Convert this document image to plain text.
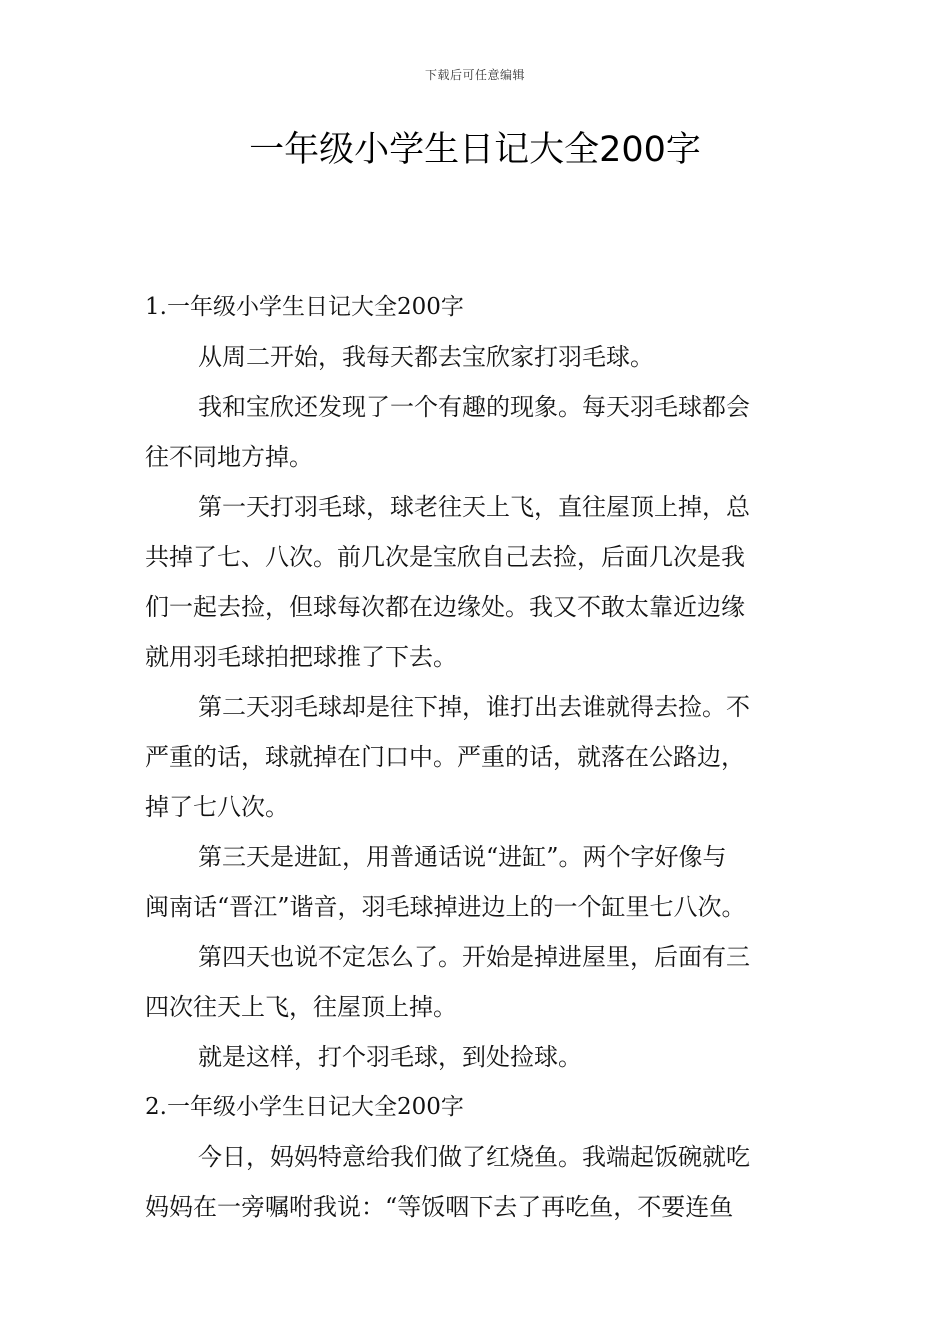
下载后可任意编辑
一年级小学生日记大全200字
1.一年级小学生日记大全200字
从周二开始，我每天都去宝欣家打羽毛球。
我和宝欣还发现了一个有趣的现象。每天羽毛球都会
往不同地方掉。
第一天打羽毛球，球老往天上飞，直往屋顶上掉，总
共掉了七、八次。前几次是宝欣自己去捡，后面几次是我
们一起去捡，但球每次都在边缘处。我又不敢太靠近边缘
就用羽毛球拍把球推了下去。
第二天羽毛球却是往下掉，谁打出去谁就得去捡。不
严重的话，球就掉在门口中。严重的话，就落在公路边，
掉了七八次。
第三天是进缸，用普通话说“进缸”。两个字好像与
闽南话“晋江”谐音，羽毛球掉进边上的一个缸里七八次。
第四天也说不定怎么了。开始是掉进屋里，后面有三
四次往天上飞，往屋顶上掉。
就是这样，打个羽毛球，到处捡球。
2.一年级小学生日记大全200字
今日，妈妈特意给我们做了红烧鱼。我端起饭碗就吃
妈妈在一旁嘱咐我说：“等饭咽下去了再吃鱼，不要连鱼
